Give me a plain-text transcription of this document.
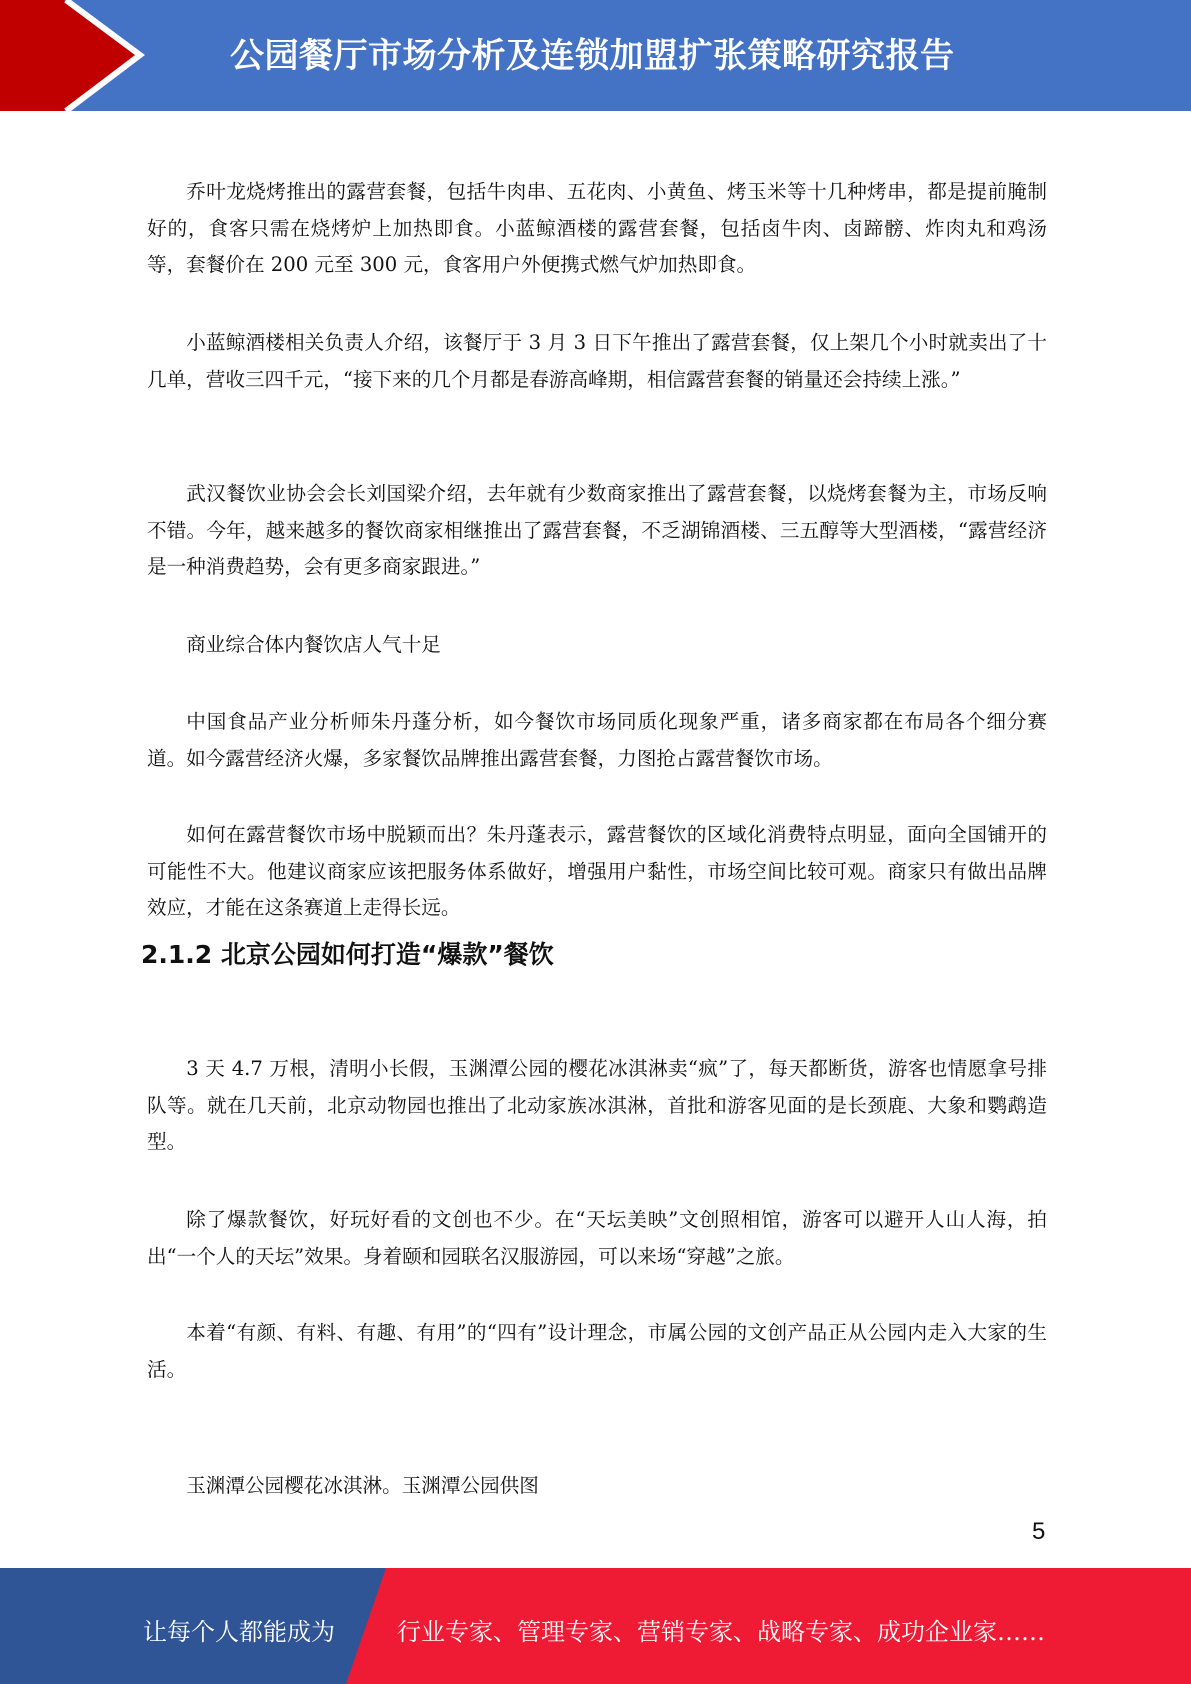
公园餐厅市场分析及连锁加盟扩张策略研究报告

乔叶龙烧烤推出的露营套餐，包括牛肉串、五花肉、小黄鱼、烤玉米等十几种烤串，都是提前腌制好的，食客只需在烧烤炉上加热即食。小蓝鲸酒楼的露营套餐，包括卤牛肉、卤蹄髈、炸肉丸和鸡汤等，套餐价在 200 元至 300 元，食客用户外便携式燃气炉加热即食。

小蓝鲸酒楼相关负责人介绍，该餐厅于 3 月 3 日下午推出了露营套餐，仅上架几个小时就卖出了十几单，营收三四千元，“接下来的几个月都是春游高峰期，相信露营套餐的销量还会持续上涨。”

武汉餐饮业协会会长刘国梁介绍，去年就有少数商家推出了露营套餐，以烧烤套餐为主，市场反响不错。今年，越来越多的餐饮商家相继推出了露营套餐，不乏湖锦酒楼、三五醇等大型酒楼，“露营经济是一种消费趋势，会有更多商家跟进。”

商业综合体内餐饮店人气十足

中国食品产业分析师朱丹蓬分析，如今餐饮市场同质化现象严重，诸多商家都在布局各个细分赛道。如今露营经济火爆，多家餐饮品牌推出露营套餐，力图抢占露营餐饮市场。

如何在露营餐饮市场中脱颖而出？朱丹蓬表示，露营餐饮的区域化消费特点明显，面向全国铺开的可能性不大。他建议商家应该把服务体系做好，增强用户黏性，市场空间比较可观。商家只有做出品牌效应，才能在这条赛道上走得长远。

2.1.2 北京公园如何打造“爆款”餐饮

3 天 4.7 万根，清明小长假，玉渊潭公园的樱花冰淇淋卖“疯”了，每天都断货，游客也情愿拿号排队等。就在几天前，北京动物园也推出了北动家族冰淇淋，首批和游客见面的是长颈鹿、大象和鹦鹉造型。

除了爆款餐饮，好玩好看的文创也不少。在“天坛美映”文创照相馆，游客可以避开人山人海，拍出“一个人的天坛”效果。身着颐和园联名汉服游园，可以来场“穿越”之旅。

本着“有颜、有料、有趣、有用”的“四有”设计理念，市属公园的文创产品正从公园内走入大家的生活。

玉渊潭公园樱花冰淇淋。玉渊潭公园供图

5
让每个人都能成为	行业专家、管理专家、营销专家、战略专家、成功企业家……
